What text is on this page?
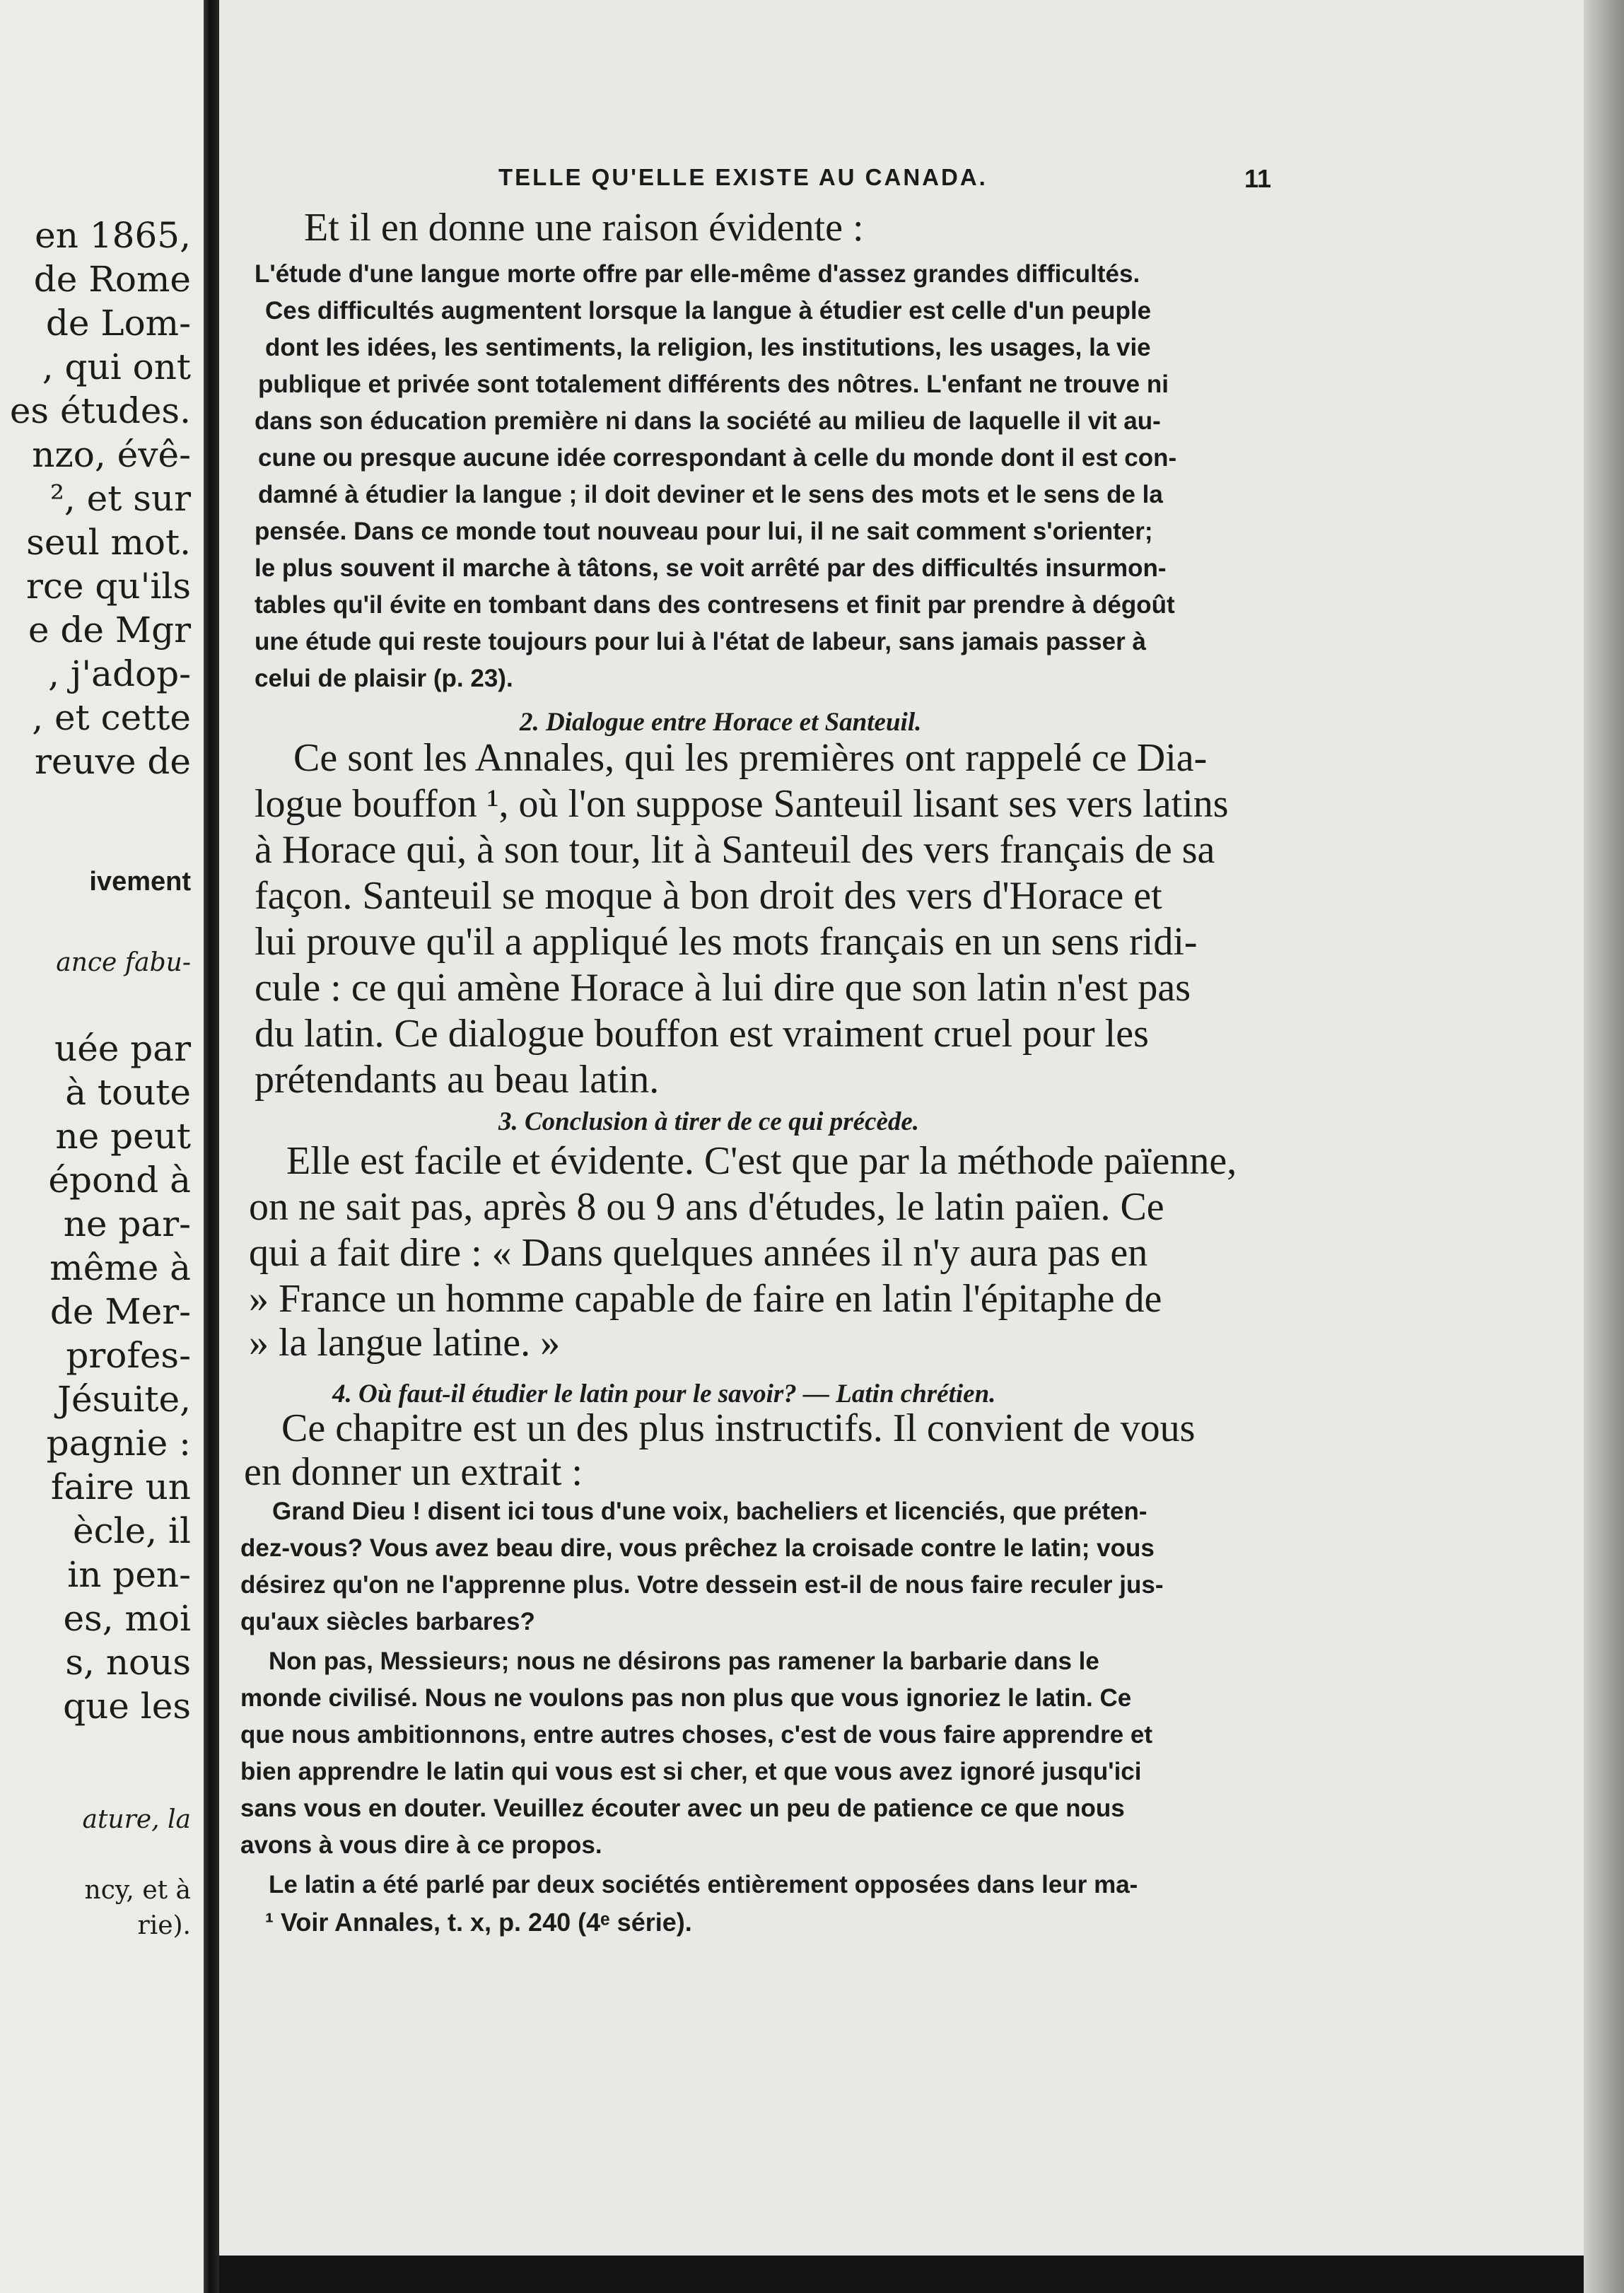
en 1865,
de Rome
de Lom-
, qui ont
es études.
nzo, évê-
², et sur
seul mot.
rce qu'ils
e de Mgr
, j'adop-
, et cette
reuve de
ivement
ance fabu-
uée par
à toute
ne peut
épond à
ne par-
même à
de Mer-
profes-
Jésuite,
pagnie :
faire un
ècle, il
in pen-
es, moi
s, nous
que les
ature, la
ncy, et à
rie).
TELLE QU'ELLE EXISTE AU CANADA.	11
Et il en donne une raison évidente :
L'étude d'une langue morte offre par elle-même d'assez grandes difficultés.
Ces difficultés augmentent lorsque la langue à étudier est celle d'un peuple
dont les idées, les sentiments, la religion, les institutions, les usages, la vie
publique et privée sont totalement différents des nôtres. L'enfant ne trouve ni
dans son éducation première ni dans la société au milieu de laquelle il vit au-
cune ou presque aucune idée correspondant à celle du monde dont il est con-
damné à étudier la langue ; il doit deviner et le sens des mots et le sens de la
pensée. Dans ce monde tout nouveau pour lui, il ne sait comment s'orienter;
le plus souvent il marche à tâtons, se voit arrêté par des difficultés insurmon-
tables qu'il évite en tombant dans des contresens et finit par prendre à dégoût
une étude qui reste toujours pour lui à l'état de labeur, sans jamais passer à
celui de plaisir (p. 23).
2. Dialogue entre Horace et Santeuil.
Ce sont les Annales, qui les premières ont rappelé ce Dia-
logue bouffon ¹, où l'on suppose Santeuil lisant ses vers latins
à Horace qui, à son tour, lit à Santeuil des vers français de sa
façon. Santeuil se moque à bon droit des vers d'Horace et
lui prouve qu'il a appliqué les mots français en un sens ridi-
cule : ce qui amène Horace à lui dire que son latin n'est pas
du latin. Ce dialogue bouffon est vraiment cruel pour les
prétendants au beau latin.
3. Conclusion à tirer de ce qui précède.
Elle est facile et évidente. C'est que par la méthode païenne,
on ne sait pas, après 8 ou 9 ans d'études, le latin païen. Ce
qui a fait dire : « Dans quelques années il n'y aura pas en
» France un homme capable de faire en latin l'épitaphe de
» la langue latine. »
4. Où faut-il étudier le latin pour le savoir? — Latin chrétien.
Ce chapitre est un des plus instructifs. Il convient de vous
en donner un extrait :
Grand Dieu ! disent ici tous d'une voix, bacheliers et licenciés, que préten-
dez-vous? Vous avez beau dire, vous prêchez la croisade contre le latin; vous
désirez qu'on ne l'apprenne plus. Votre dessein est-il de nous faire reculer jus-
qu'aux siècles barbares?
Non pas, Messieurs; nous ne désirons pas ramener la barbarie dans le
monde civilisé. Nous ne voulons pas non plus que vous ignoriez le latin. Ce
que nous ambitionnons, entre autres choses, c'est de vous faire apprendre et
bien apprendre le latin qui vous est si cher, et que vous avez ignoré jusqu'ici
sans vous en douter. Veuillez écouter avec un peu de patience ce que nous
avons à vous dire à ce propos.
Le latin a été parlé par deux sociétés entièrement opposées dans leur ma-
¹ Voir Annales, t. x, p. 240 (4ᵉ série).
